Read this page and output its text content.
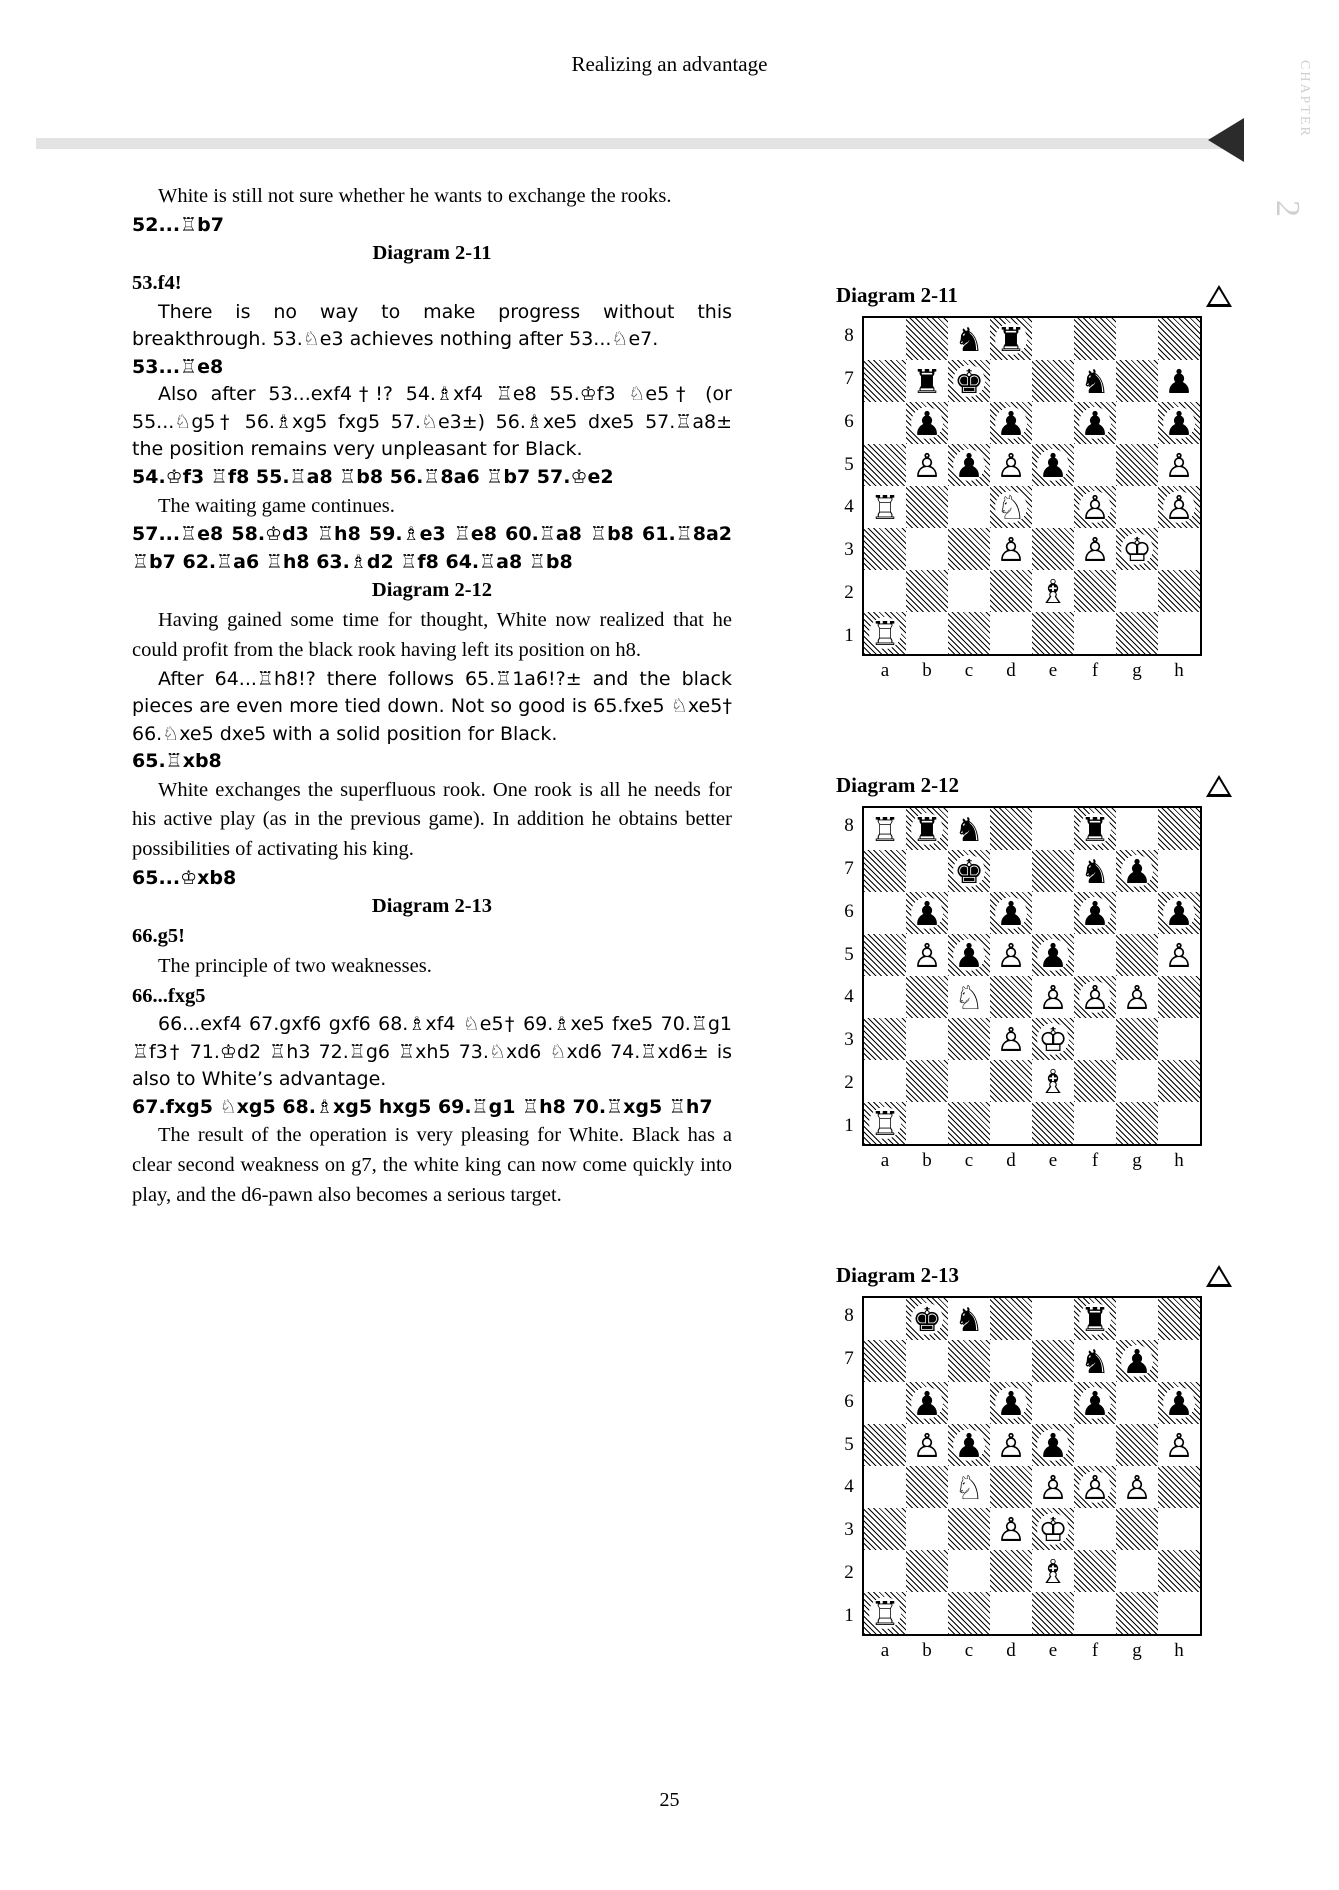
Realizing an advantage	CHAPTER
2

White is still not sure whether he wants to exchange the rooks.

52...♖b7

Diagram 2-11

53.f4!

There is no way to make progress without this breakthrough. 53.♘e3 achieves nothing after 53...♘e7.

53...♖e8

Also after 53...exf4†!? 54.♗xf4 ♖e8 55.♔f3 ♘e5† (or 55...♘g5† 56.♗xg5 fxg5 57.♘e3±) 56.♗xe5 dxe5 57.♖a8± the position remains very unpleasant for Black.

54.♔f3 ♖f8 55.♖a8 ♖b8 56.♖8a6 ♖b7 57.♔e2

The waiting game continues.

57...♖e8 58.♔d3 ♖h8 59.♗e3 ♖e8 60.♖a8 ♖b8 61.♖8a2 ♖b7 62.♖a6 ♖h8 63.♗d2 ♖f8 64.♖a8 ♖b8

Diagram 2-12

Having gained some time for thought, White now realized that he could profit from the black rook having left its position on h8.

After 64...♖h8!? there follows 65.♖1a6!?± and the black pieces are even more tied down. Not so good is 65.fxe5 ♘xe5† 66.♘xe5 dxe5 with a solid position for Black.

65.♖xb8

White exchanges the superfluous rook. One rook is all he needs for his active play (as in the previous game). In addition he obtains better possibilities of activating his king.

65...♔xb8

Diagram 2-13

66.g5!

The principle of two weaknesses.

66...fxg5

66...exf4 67.gxf6 gxf6 68.♗xf4 ♘e5† 69.♗xe5 fxe5 70.♖g1 ♖f3† 71.♔d2 ♖h3 72.♖g6 ♖xh5 73.♘xd6 ♘xd6 74.♖xd6± is also to White’s advantage.

67.fxg5 ♘xg5 68.♗xg5 hxg5 69.♖g1 ♖h8 70.♖xg5 ♖h7

The result of the operation is very pleasing for White. Black has a clear second weakness on g7, the white king can now come quickly into play, and the d6-pawn also becomes a serious target.

Diagram 2-11
8
7
6
5
4
3
2
1
♞ ♜
♜ ♚	♞ ♟
♟ ♟ ♟ ♟
♙ ♟ ♙ ♟	♙
♖	♘ ♙ ♙
♙ ♙ ♔
♗
♖
a	b	c	d	e	f	g	h
Diagram 2-12
8
7
6
5
4
3
2
1
♖ ♜ ♞	♜
♚	♞ ♟
♟ ♟ ♟ ♟
♙ ♟ ♙ ♟	♙
♘ ♙ ♙ ♙
♙ ♔
♗
♖
a	b	c	d	e	f	g	h
Diagram 2-13
8
7
6
5
4
3
2
1
♚ ♞	♜
♞ ♟
♟ ♟ ♟ ♟
♙ ♟ ♙ ♟	♙
♘ ♙ ♙ ♙
♙ ♔
♗
♖
a	b	c	d	e	f	g	h
25
